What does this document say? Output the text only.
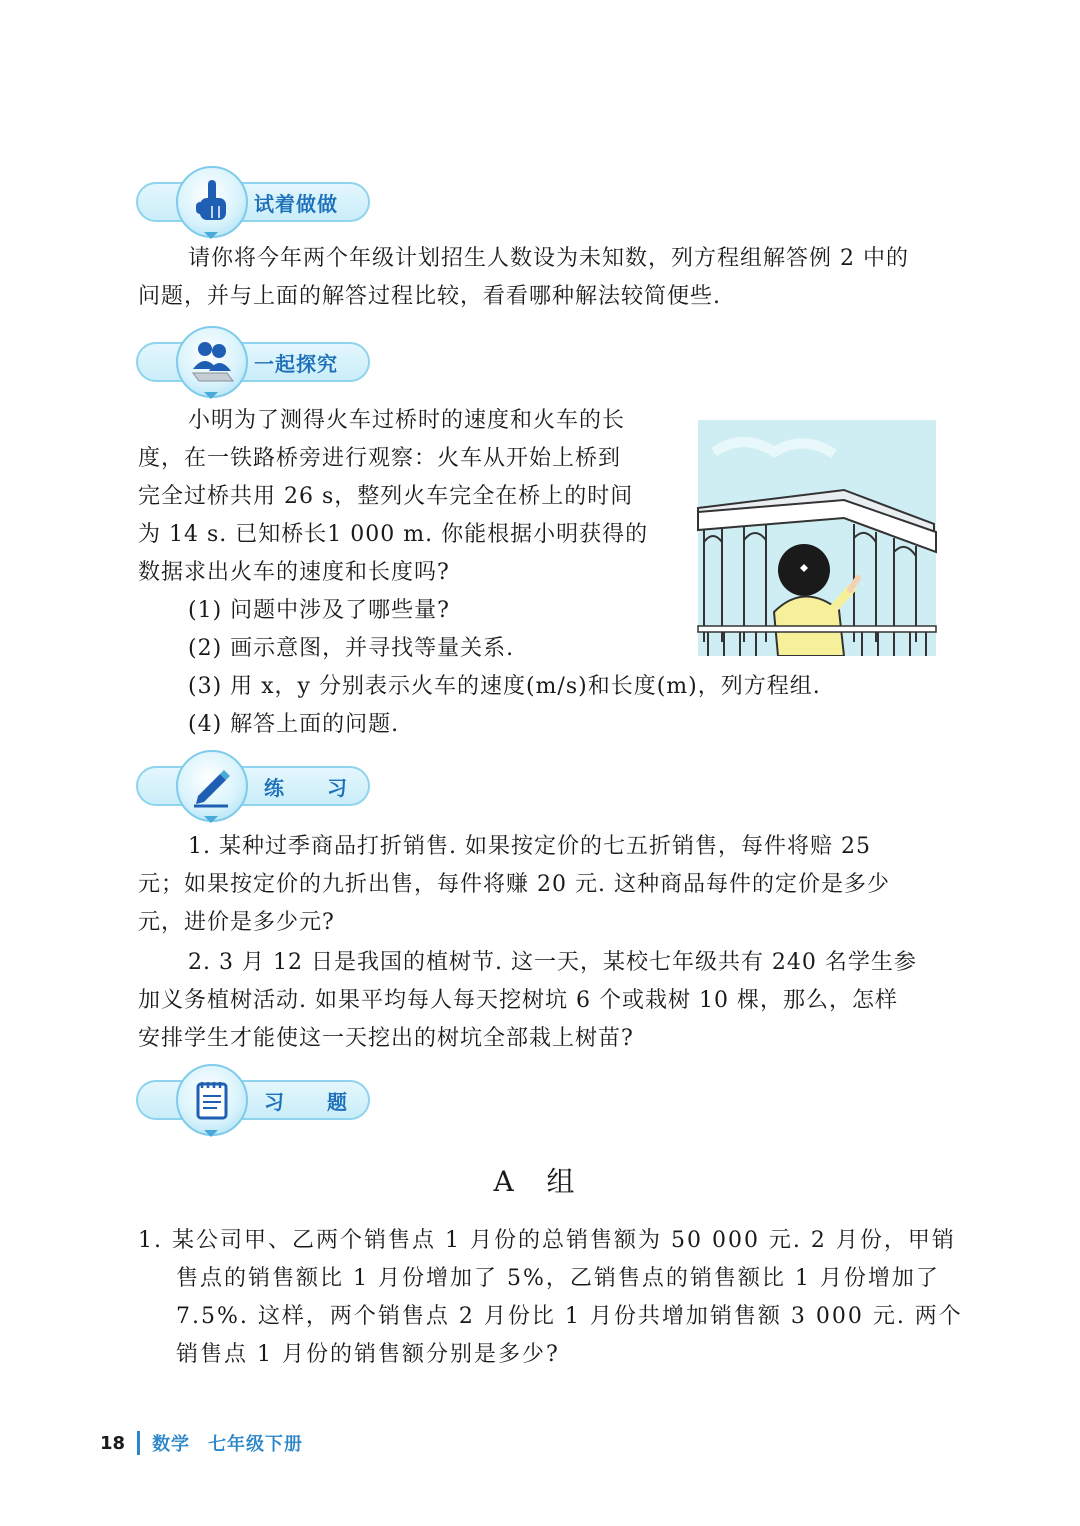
试着做做

请你将今年两个年级计划招生人数设为未知数，列方程组解答例 2 中的

问题，并与上面的解答过程比较，看看哪种解法较简便些.

一起探究

小明为了测得火车过桥时的速度和火车的长

度，在一铁路桥旁进行观察：火车从开始上桥到

完全过桥共用 26 s，整列火车完全在桥上的时间

为 14 s. 已知桥长1 000 m. 你能根据小明获得的

数据求出火车的速度和长度吗?

(1) 问题中涉及了哪些量?

(2) 画示意图，并寻找等量关系.

(3) 用 x，y 分别表示火车的速度(m/s)和长度(m)，列方程组.

(4) 解答上面的问题.

练 习

1. 某种过季商品打折销售. 如果按定价的七五折销售，每件将赔 25

元；如果按定价的九折出售，每件将赚 20 元. 这种商品每件的定价是多少

元，进价是多少元?

2. 3 月 12 日是我国的植树节. 这一天，某校七年级共有 240 名学生参

加义务植树活动. 如果平均每人每天挖树坑 6 个或栽树 10 棵，那么，怎样

安排学生才能使这一天挖出的树坑全部栽上树苗?

习 题
A 组

1. 某公司甲、乙两个销售点 1 月份的总销售额为 50 000 元. 2 月份，甲销

售点的销售额比 1 月份增加了 5%，乙销售点的销售额比 1 月份增加了

7.5%. 这样，两个销售点 2 月份比 1 月份共增加销售额 3 000 元. 两个

销售点 1 月份的销售额分别是多少?

18 数学 七年级下册
